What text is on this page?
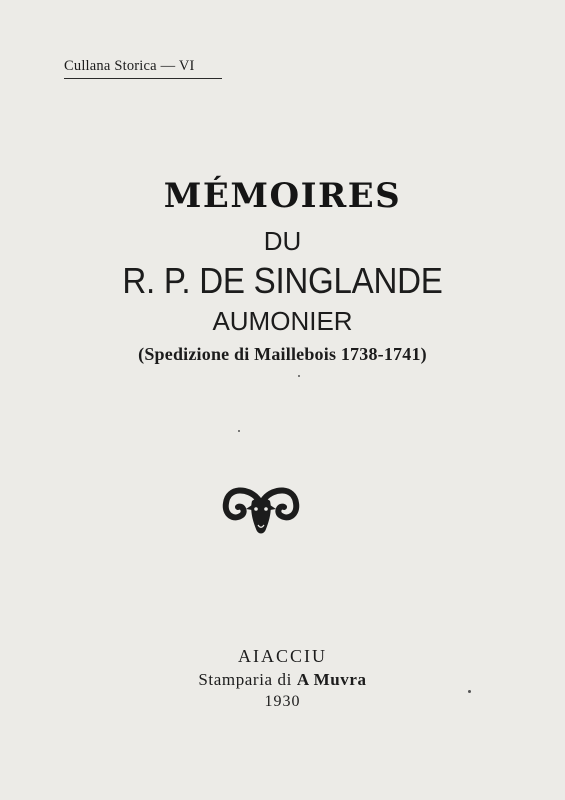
Cullana Storica — VI
MÉMOIRES
DU
R. P. DE SINGLANDE
AUMONIER
(Spedizione di Maillebois 1738-1741)
AIACCIU
Stamparia di A Muvra
1930
